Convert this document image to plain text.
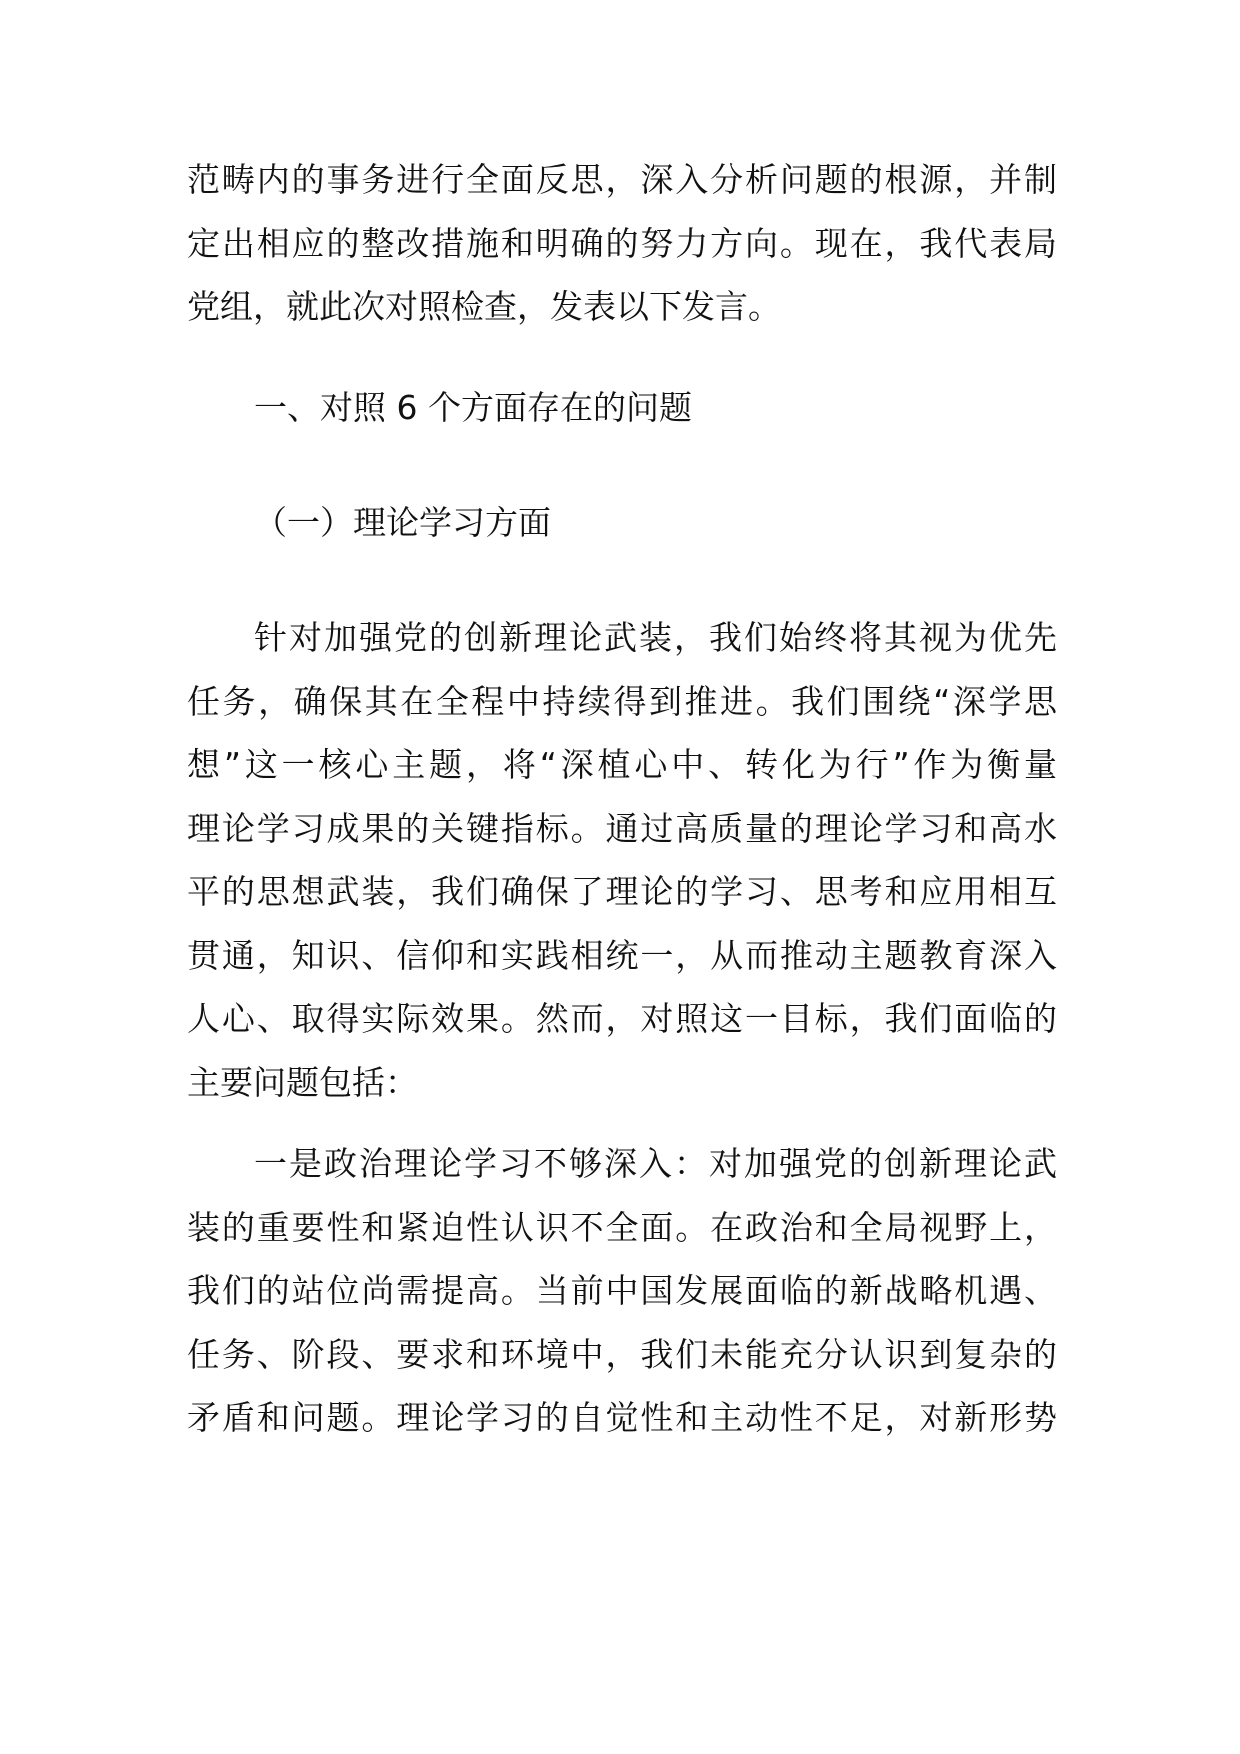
范畴内的事务进行全面反思，深入分析问题的根源，并制
定出相应的整改措施和明确的努力方向。现在，我代表局
党组，就此次对照检查，发表以下发言。
一、对照 6 个方面存在的问题
（一）理论学习方面
针对加强党的创新理论武装，我们始终将其视为优先
任务，确保其在全程中持续得到推进。我们围绕“深学思
想”这一核心主题，将“深植心中、转化为行”作为衡量
理论学习成果的关键指标。通过高质量的理论学习和高水
平的思想武装，我们确保了理论的学习、思考和应用相互
贯通，知识、信仰和实践相统一，从而推动主题教育深入
人心、取得实际效果。然而，对照这一目标，我们面临的
主要问题包括：
一是政治理论学习不够深入：对加强党的创新理论武
装的重要性和紧迫性认识不全面。在政治和全局视野上，
我们的站位尚需提高。当前中国发展面临的新战略机遇、
任务、阶段、要求和环境中，我们未能充分认识到复杂的
矛盾和问题。理论学习的自觉性和主动性不足，对新形势
